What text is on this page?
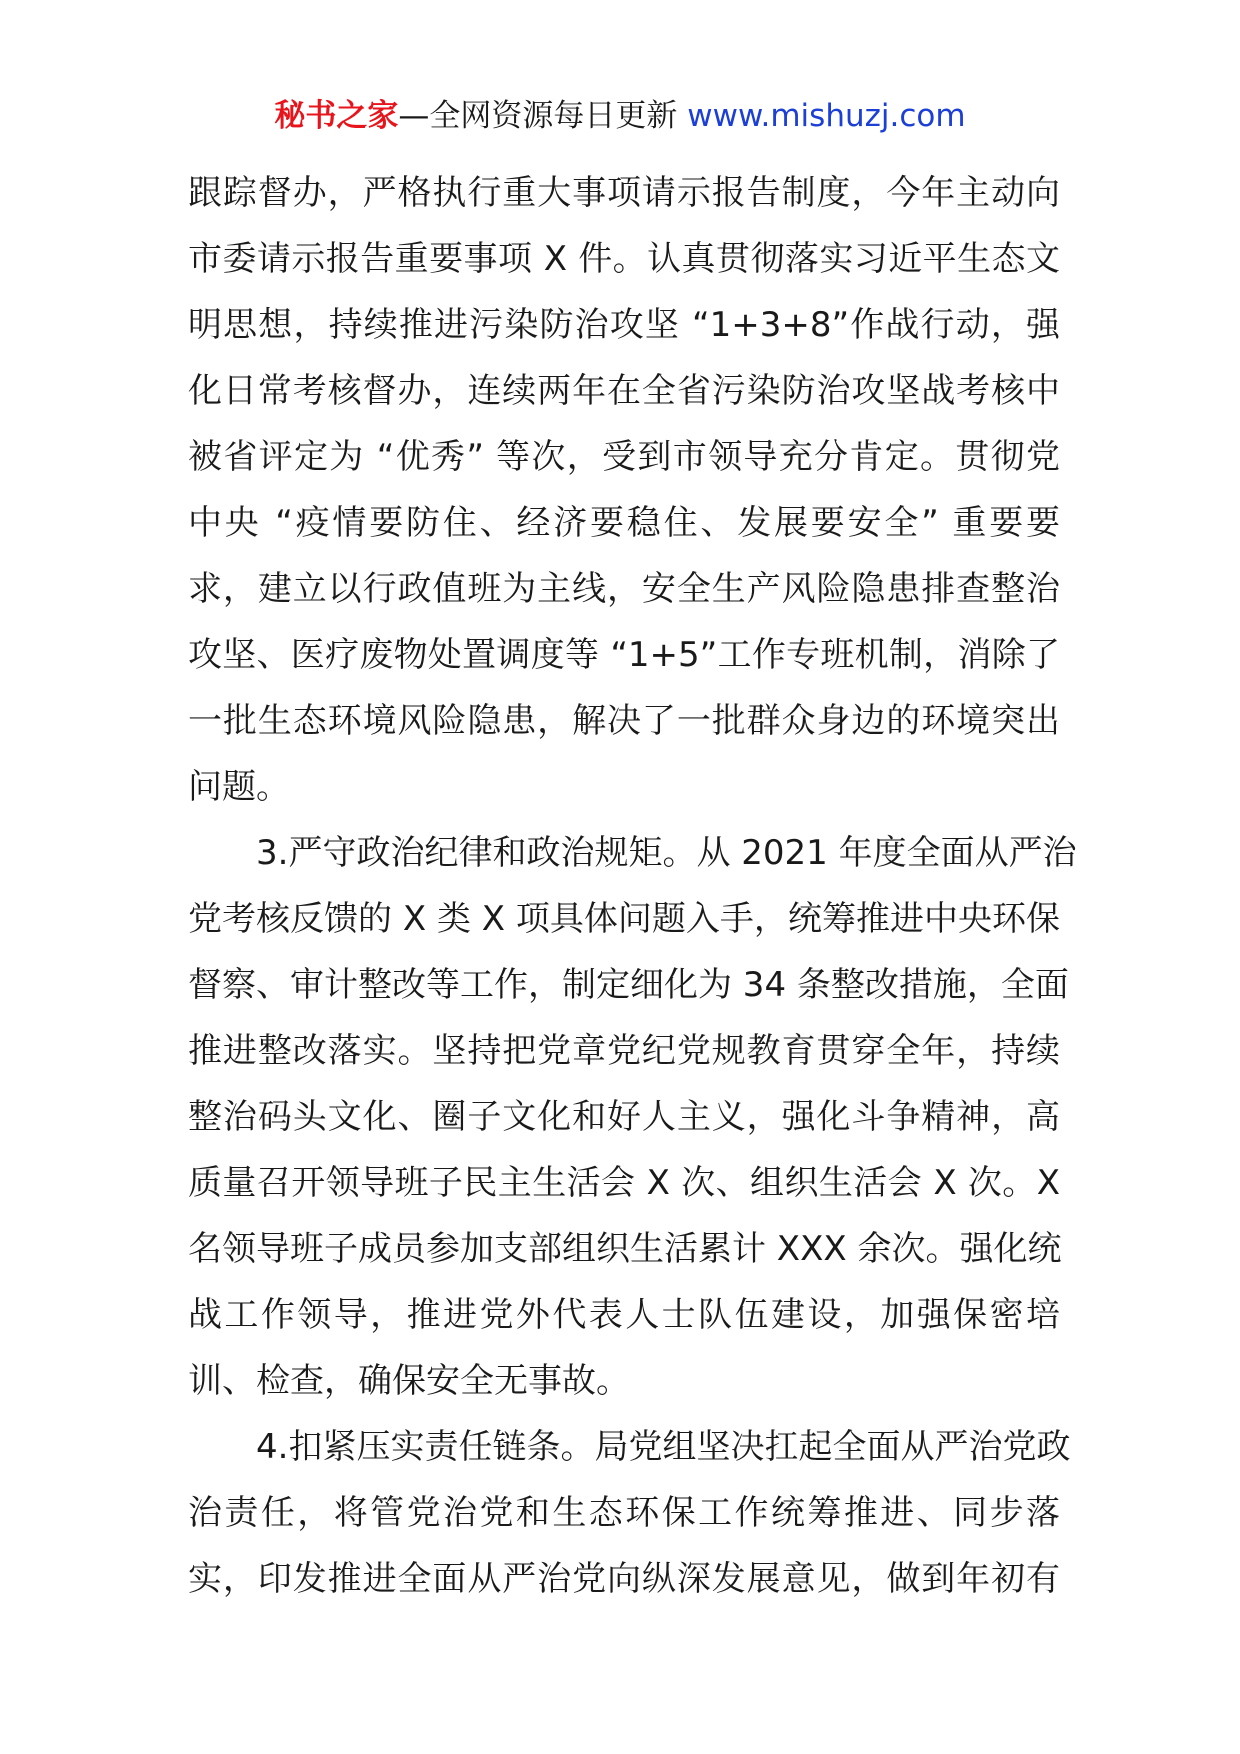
秘书之家—全网资源每日更新 www.mishuzj.com
跟踪督办，严格执行重大事项请示报告制度，今年主动向
市委请示报告重要事项 X 件。认真贯彻落实习近平生态文
明思想，持续推进污染防治攻坚 “1+3+8”作战行动，强
化日常考核督办，连续两年在全省污染防治攻坚战考核中
被省评定为 “优秀” 等次，受到市领导充分肯定。贯彻党
中央 “疫情要防住、经济要稳住、发展要安全” 重要要
求，建立以行政值班为主线，安全生产风险隐患排查整治
攻坚、医疗废物处置调度等 “1+5”工作专班机制，消除了
一批生态环境风险隐患，解决了一批群众身边的环境突出
问题。
3.严守政治纪律和政治规矩。从 2021 年度全面从严治
党考核反馈的 X 类 X 项具体问题入手，统筹推进中央环保
督察、审计整改等工作，制定细化为 34 条整改措施，全面
推进整改落实。坚持把党章党纪党规教育贯穿全年，持续
整治码头文化、圈子文化和好人主义，强化斗争精神，高
质量召开领导班子民主生活会 X 次、组织生活会 X 次。X
名领导班子成员参加支部组织生活累计 XXX 余次。强化统
战工作领导，推进党外代表人士队伍建设，加强保密培
训、检查，确保安全无事故。
4.扣紧压实责任链条。局党组坚决扛起全面从严治党政
治责任，将管党治党和生态环保工作统筹推进、同步落
实，印发推进全面从严治党向纵深发展意见，做到年初有
